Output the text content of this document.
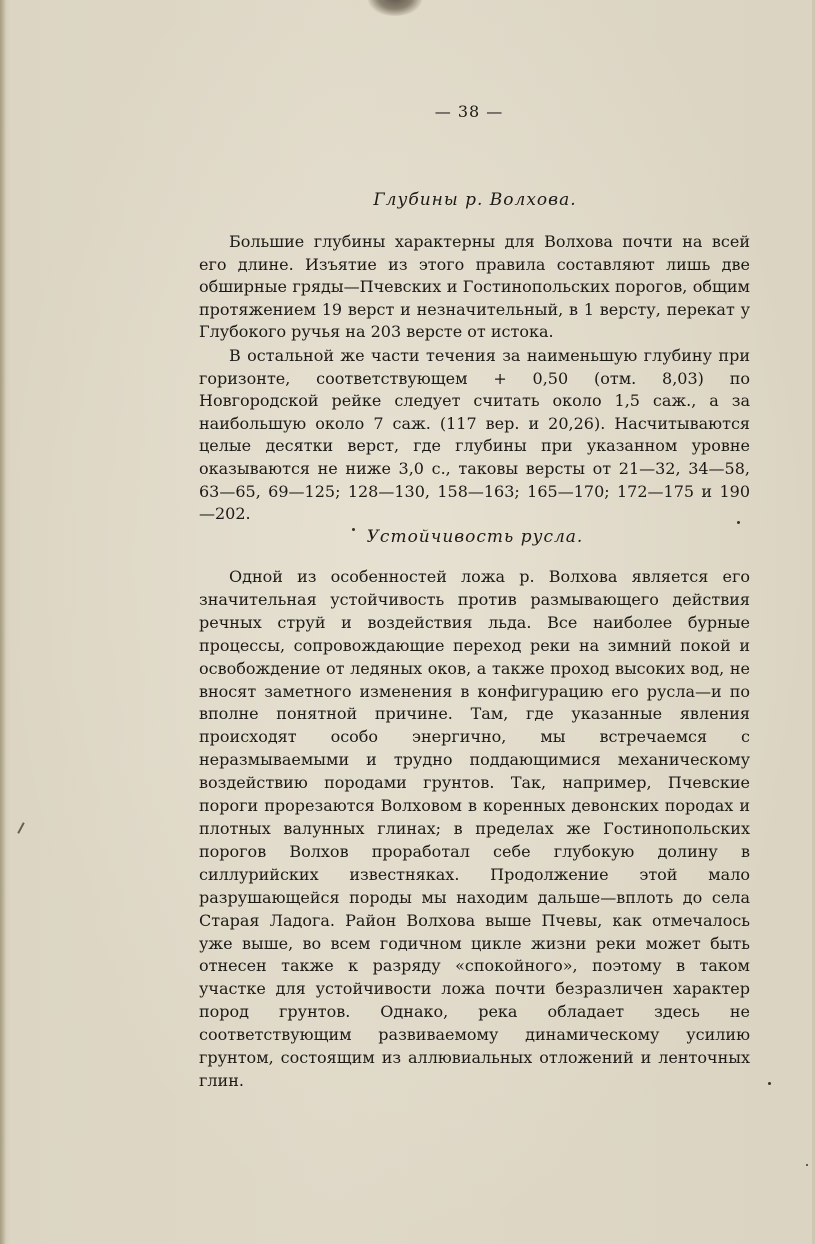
— 38 —
Глубины р. Волхова.

Большие глубины характерны для Волхова почти на всей его длине. Изъятие из этого правила составляют лишь две обширные гряды—Пчевских и Гостинопольских порогов, общим протяжением 19 верст и незначительный, в 1 версту, перекат у Глубокого ручья на 203 версте от истока.

В остальной же части течения за наименьшую глубину при горизонте, соответствующем + 0,50 (отм. 8,03) по Новгородской рейке следует считать около 1,5 саж., а за наибольшую около 7 саж. (117 вер. и 20,26). Насчитываются целые десятки верст, где глубины при указанном уровне оказываются не ниже 3,0 с., таковы версты от 21—32, 34—58, 63—65, 69—125; 128—130, 158—163; 165—170; 172—175 и 190—202.

Устойчивость русла.

Одной из особенностей ложа р. Волхова является его значительная устойчивость против размывающего действия речных струй и воздействия льда. Все наиболее бурные процессы, сопровождающие переход реки на зимний покой и освобождение от ледяных оков, а также проход высоких вод, не вносят заметного изменения в конфигурацию его русла—и по вполне понятной причине. Там, где указанные явления происходят особо энергично, мы встречаемся с неразмываемыми и трудно поддающимися механическому воздействию породами грунтов. Так, например, Пчевские пороги прорезаются Волховом в коренных девонских породах и плотных валунных глинах; в пределах же Гостинопольских порогов Волхов проработал себе глубокую долину в силлурийских известняках. Продолжение этой мало разрушающейся породы мы находим дальше—вплоть до села Старая Ладога. Район Волхова выше Пчевы, как отмечалось уже выше, во всем годичном цикле жизни реки может быть отнесен также к разряду «спокойного», поэтому в таком участке для устойчивости ложа почти безразличен характер пород грунтов. Однако, река обладает здесь не соответствующим развиваемому динамическому усилию грунтом, состоящим из аллювиальных отложений и ленточных глин.
